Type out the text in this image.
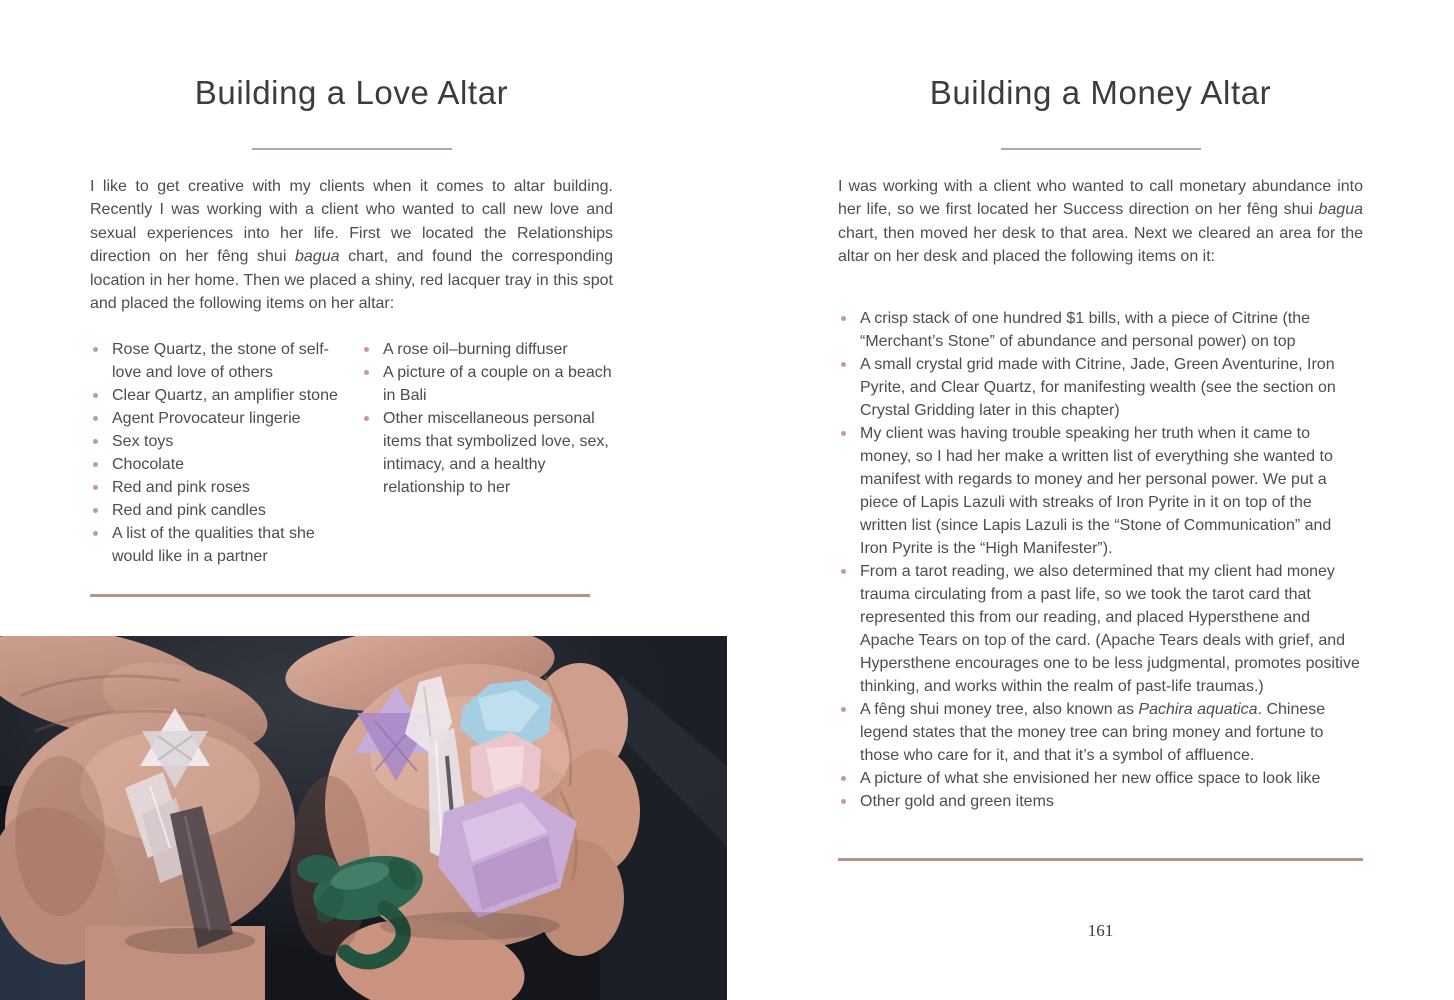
Building a Love Altar

I like to get creative with my clients when it comes to altar building. Recently I was working with a client who wanted to call new love and sexual experiences into her life. First we located the Relationships direction on her fêng shui bagua chart, and found the corresponding location in her home. Then we placed a shiny, red lacquer tray in this spot and placed the following items on her altar:

Rose Quartz, the stone of self-love and love of others
Clear Quartz, an amplifier stone
Agent Provocateur lingerie
Sex toys
Chocolate
Red and pink roses
Red and pink candles
A list of the qualities that she would like in a partner
A rose oil–burning diffuser
A picture of a couple on a beach in Bali
Other miscellaneous personal items that symbolized love, sex, intimacy, and a healthy relationship to her
Building a Money Altar

I was working with a client who wanted to call monetary abundance into her life, so we first located her Success direction on her fêng shui bagua chart, then moved her desk to that area. Next we cleared an area for the altar on her desk and placed the following items on it:

A crisp stack of one hundred $1 bills, with a piece of Citrine (the “Merchant’s Stone” of abundance and personal power) on top
A small crystal grid made with Citrine, Jade, Green Aventurine, Iron Pyrite, and Clear Quartz, for manifesting wealth (see the section on Crystal Gridding later in this chapter)
My client was having trouble speaking her truth when it came to money, so I had her make a written list of everything she wanted to manifest with regards to money and her personal power. We put a piece of Lapis Lazuli with streaks of Iron Pyrite in it on top of the written list (since Lapis Lazuli is the “Stone of Communication” and Iron Pyrite is the “High Manifester”).
From a tarot reading, we also determined that my client had money trauma circulating from a past life, so we took the tarot card that represented this from our reading, and placed Hypersthene and Apache Tears on top of the card. (Apache Tears deals with grief, and Hypersthene encourages one to be less judgmental, promotes positive thinking, and works within the realm of past-life traumas.)
A fêng shui money tree, also known as Pachira aquatica. Chinese legend states that the money tree can bring money and fortune to those who care for it, and that it’s a symbol of affluence.
A picture of what she envisioned her new office space to look like
Other gold and green items
161
